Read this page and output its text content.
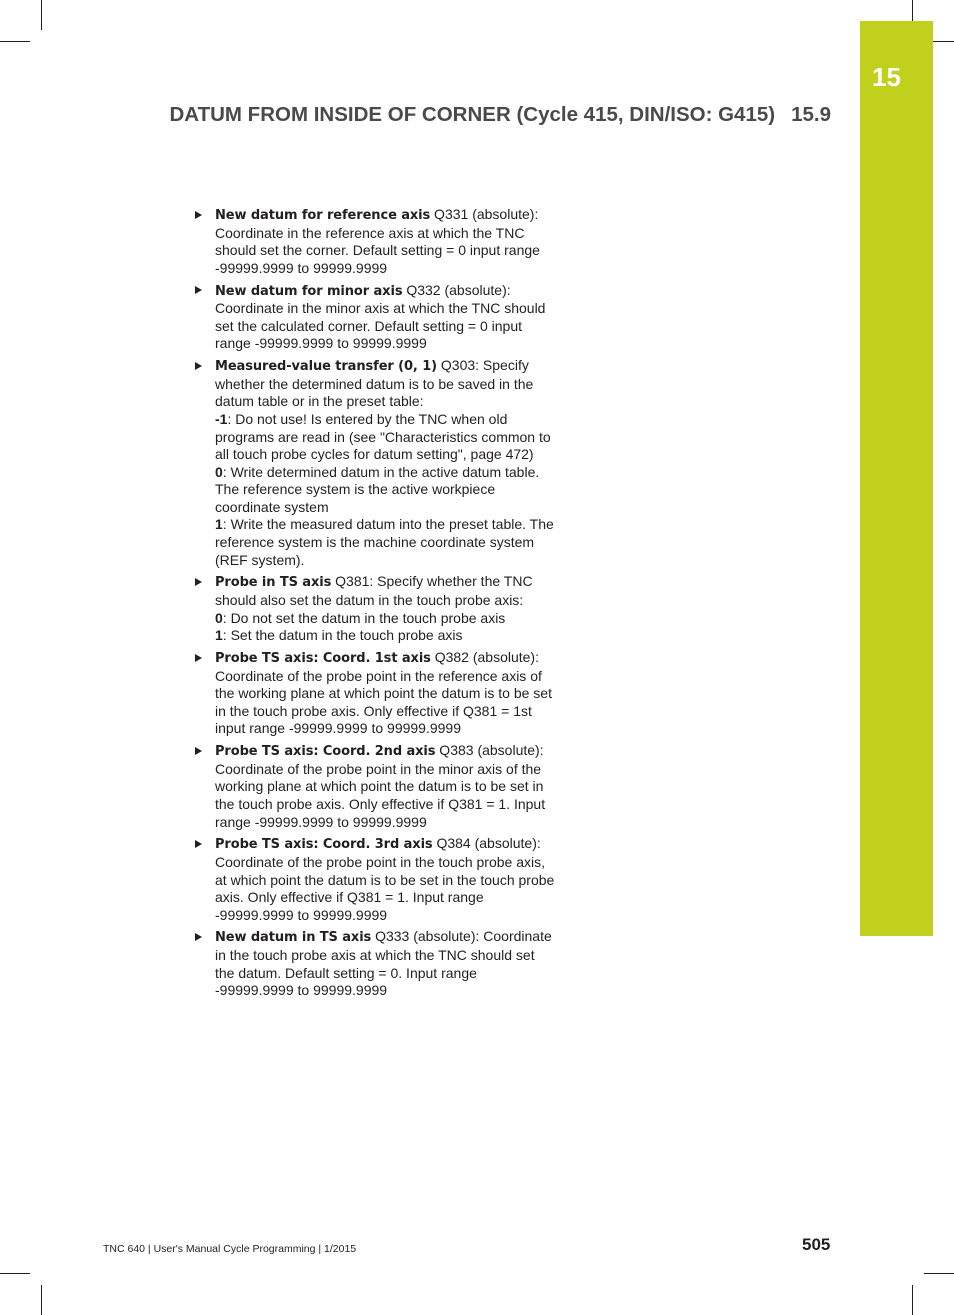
15
DATUM FROM INSIDE OF CORNER (Cycle 415, DIN/ISO: G415) 15.9
New datum for reference axis Q331 (absolute): Coordinate in the reference axis at which the TNC should set the corner. Default setting = 0 input range -99999.9999 to 99999.9999
New datum for minor axis Q332 (absolute): Coordinate in the minor axis at which the TNC should set the calculated corner. Default setting = 0 input range -99999.9999 to 99999.9999
Measured-value transfer (0, 1) Q303: Specify whether the determined datum is to be saved in the datum table or in the preset table:
-1: Do not use! Is entered by the TNC when old programs are read in (see "Characteristics common to all touch probe cycles for datum setting", page 472)
0: Write determined datum in the active datum table. The reference system is the active workpiece coordinate system
1: Write the measured datum into the preset table. The reference system is the machine coordinate system (REF system).
Probe in TS axis Q381: Specify whether the TNC should also set the datum in the touch probe axis:
0: Do not set the datum in the touch probe axis
1: Set the datum in the touch probe axis
Probe TS axis: Coord. 1st axis Q382 (absolute): Coordinate of the probe point in the reference axis of the working plane at which point the datum is to be set in the touch probe axis. Only effective if Q381 = 1st input range -99999.9999 to 99999.9999
Probe TS axis: Coord. 2nd axis Q383 (absolute): Coordinate of the probe point in the minor axis of the working plane at which point the datum is to be set in the touch probe axis. Only effective if Q381 = 1. Input range -99999.9999 to 99999.9999
Probe TS axis: Coord. 3rd axis Q384 (absolute): Coordinate of the probe point in the touch probe axis, at which point the datum is to be set in the touch probe axis. Only effective if Q381 = 1. Input range -99999.9999 to 99999.9999
New datum in TS axis Q333 (absolute): Coordinate in the touch probe axis at which the TNC should set the datum. Default setting = 0. Input range -99999.9999 to 99999.9999
TNC 640 | User's Manual Cycle Programming | 1/2015	505
